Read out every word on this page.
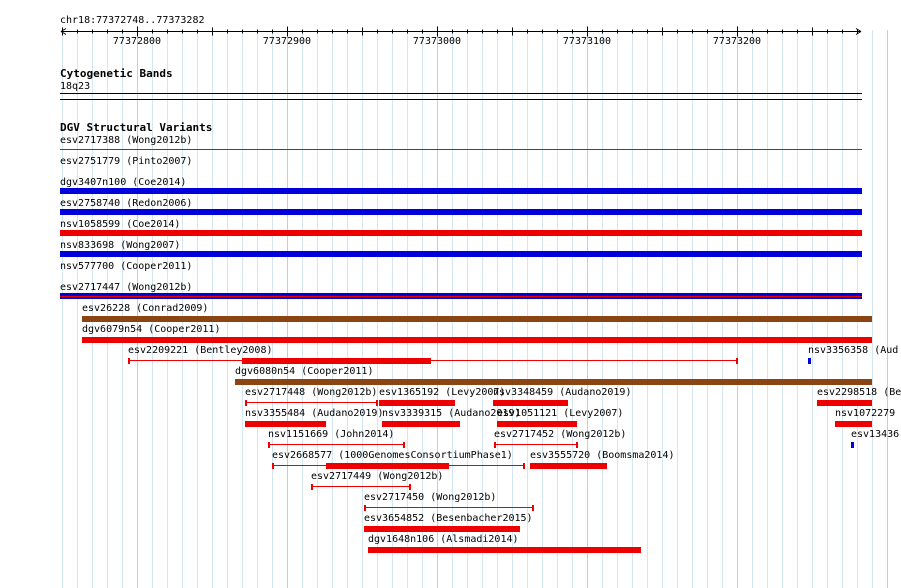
chr18:77372748..77373282
77372800	77372900	77373000	77373100	77373200
Cytogenetic Bands
18q23
DGV Structural Variants
esv2717388 (Wong2012b)
esv2751779 (Pinto2007)
dgv3407n100 (Coe2014)
esv2758740 (Redon2006)
nsv1058599 (Coe2014)
nsv833698 (Wong2007)
nsv577700 (Cooper2011)
esv2717447 (Wong2012b)
esv26228 (Conrad2009)
dgv6079n54 (Cooper2011)
esv2209221 (Bentley2008)	nsv3356358 (Aud
dgv6080n54 (Cooper2011)
esv2717448 (Wong2012b) esv1365192 (Levy2007)
nsv3348459 (Audano2019)	esv2298518 (Be
nsv3355484 (Audano2019)
nsv3339315 (Audano2019)
esv1051121 (Levy2007)	nsv1072279
nsv1151669 (John2014)	esv2717452 (Wong2012b)	esv13436
esv2668577 (1000GenomesConsortiumPhase1) esv3555720 (Boomsma2014)
esv2717449 (Wong2012b)
esv2717450 (Wong2012b)
esv3654852 (Besenbacher2015)
dgv1648n106 (Alsmadi2014)
